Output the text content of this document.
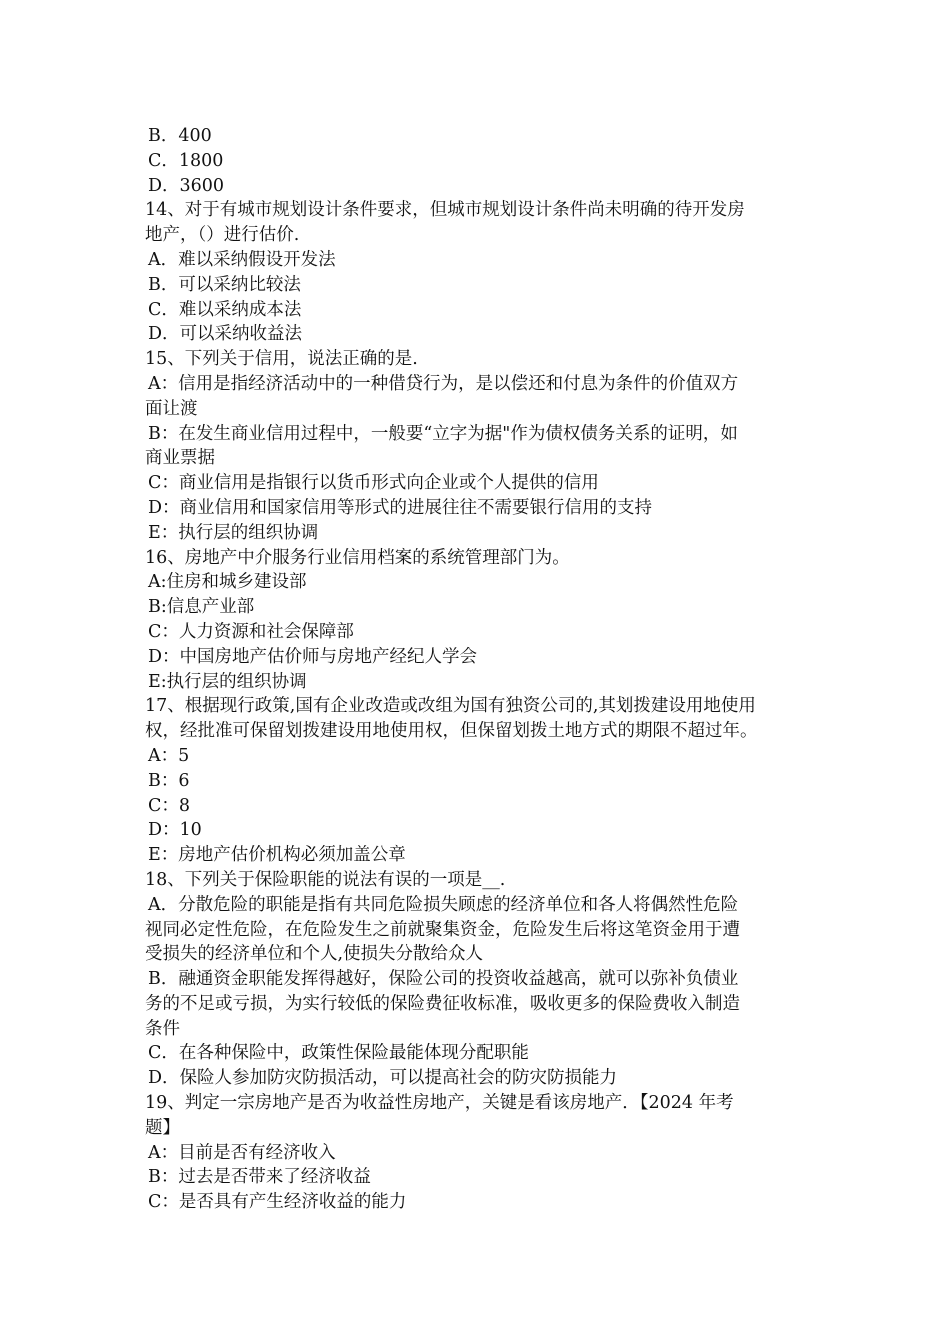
B．400
C．1800
D．3600
14、对于有城市规划设计条件要求，但城市规划设计条件尚未明确的待开发房
地产，（）进行估价.
A．难以采纳假设开发法
B．可以采纳比较法
C．难以采纳成本法
D．可以采纳收益法
15、下列关于信用，说法正确的是.
A：信用是指经济活动中的一种借贷行为，是以偿还和付息为条件的价值双方
面让渡
B：在发生商业信用过程中，一般要“立字为据"作为债权债务关系的证明，如
商业票据
C：商业信用是指银行以货币形式向企业或个人提供的信用
D：商业信用和国家信用等形式的进展往往不需要银行信用的支持
E：执行层的组织协调
16、房地产中介服务行业信用档案的系统管理部门为。
A:住房和城乡建设部
B:信息产业部
C：人力资源和社会保障部
D：中国房地产估价师与房地产经纪人学会
E:执行层的组织协调
17、根据现行政策,国有企业改造或改组为国有独资公司的,其划拨建设用地使用
权，经批准可保留划拨建设用地使用权，但保留划拨土地方式的期限不超过年。
A：5
B：6
C：8
D：10
E：房地产估价机构必须加盖公章
18、下列关于保险职能的说法有误的一项是__.
A．分散危险的职能是指有共同危险损失顾虑的经济单位和各人将偶然性危险
视同必定性危险，在危险发生之前就聚集资金，危险发生后将这笔资金用于遭
受损失的经济单位和个人,使损失分散给众人
B．融通资金职能发挥得越好，保险公司的投资收益越高，就可以弥补负债业
务的不足或亏损，为实行较低的保险费征收标准，吸收更多的保险费收入制造
条件
C．在各种保险中，政策性保险最能体现分配职能
D．保险人参加防灾防损活动，可以提高社会的防灾防损能力
19、判定一宗房地产是否为收益性房地产，关键是看该房地产．【2024 年考
题】
A：目前是否有经济收入
B：过去是否带来了经济收益
C：是否具有产生经济收益的能力
